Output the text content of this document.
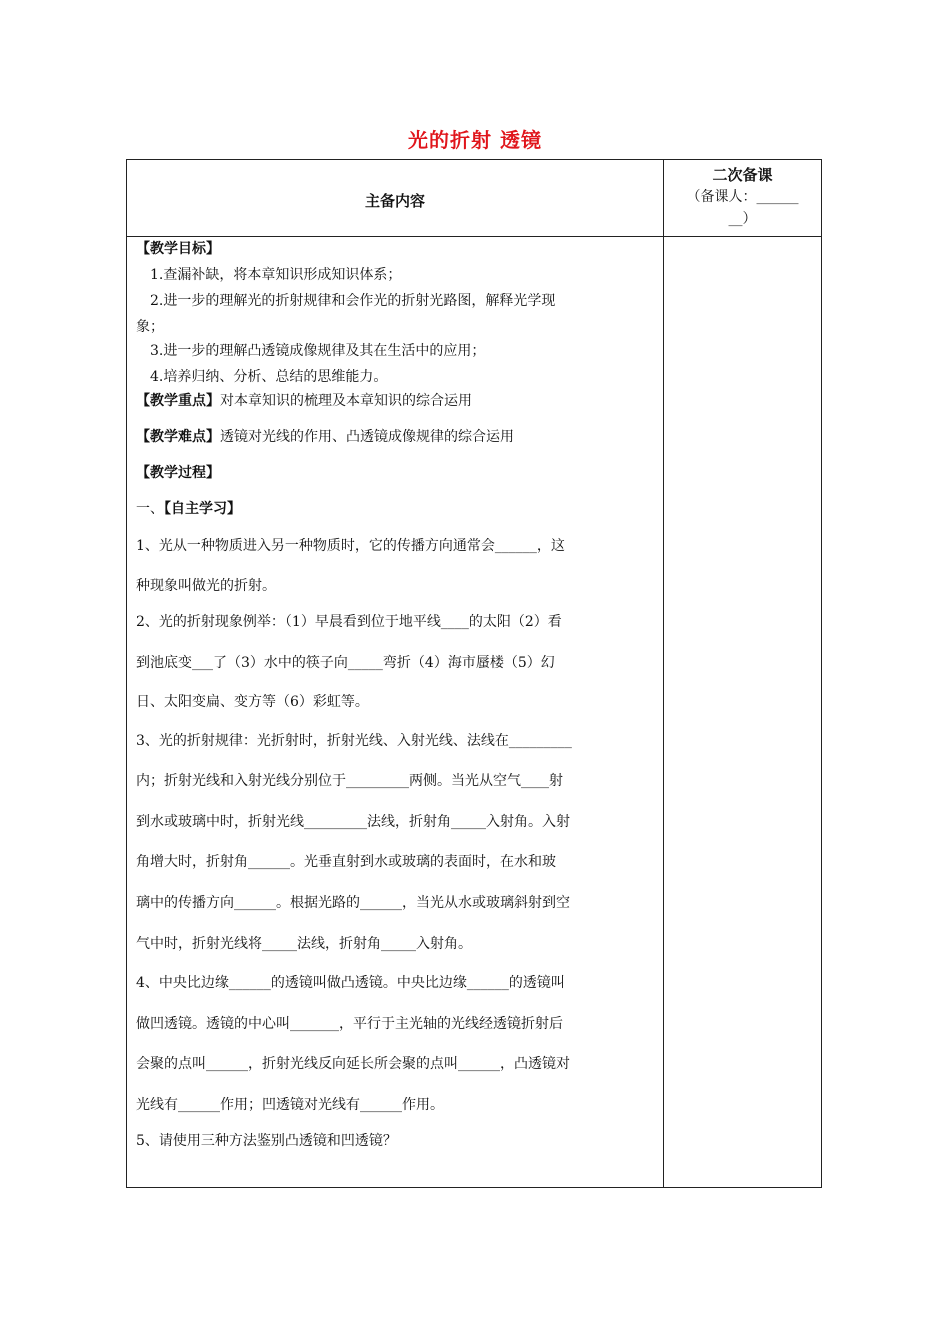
光的折射 透镜
主备内容
二次备课
（备课人：______
__）
【教学目标】
1.查漏补缺，将本章知识形成知识体系；
2.进一步的理解光的折射规律和会作光的折射光路图，解释光学现
象；
3.进一步的理解凸透镜成像规律及其在生活中的应用；
4.培养归纳、分析、总结的思维能力。
【教学重点】对本章知识的梳理及本章知识的综合运用
【教学难点】透镜对光线的作用、凸透镜成像规律的综合运用
【教学过程】
一、【自主学习】
1、光从一种物质进入另一种物质时，它的传播方向通常会______，这
种现象叫做光的折射。
2、光的折射现象例举：（1）早晨看到位于地平线____的太阳（2）看
到池底变___了（3）水中的筷子向_____弯折（4）海市蜃楼（5）幻
日、太阳变扁、变方等（6）彩虹等。
3、光的折射规律：光折射时，折射光线、入射光线、法线在_________
内；折射光线和入射光线分别位于_________两侧。当光从空气____射
到水或玻璃中时，折射光线_________法线，折射角_____入射角。入射
角增大时，折射角______。光垂直射到水或玻璃的表面时，在水和玻
璃中的传播方向______。根据光路的______，当光从水或玻璃斜射到空
气中时，折射光线将_____法线，折射角_____入射角。
4、中央比边缘______的透镜叫做凸透镜。中央比边缘______的透镜叫
做凹透镜。透镜的中心叫_______，平行于主光轴的光线经透镜折射后
会聚的点叫______，折射光线反向延长所会聚的点叫______，凸透镜对
光线有______作用；凹透镜对光线有______作用。
5、请使用三种方法鉴别凸透镜和凹透镜？
